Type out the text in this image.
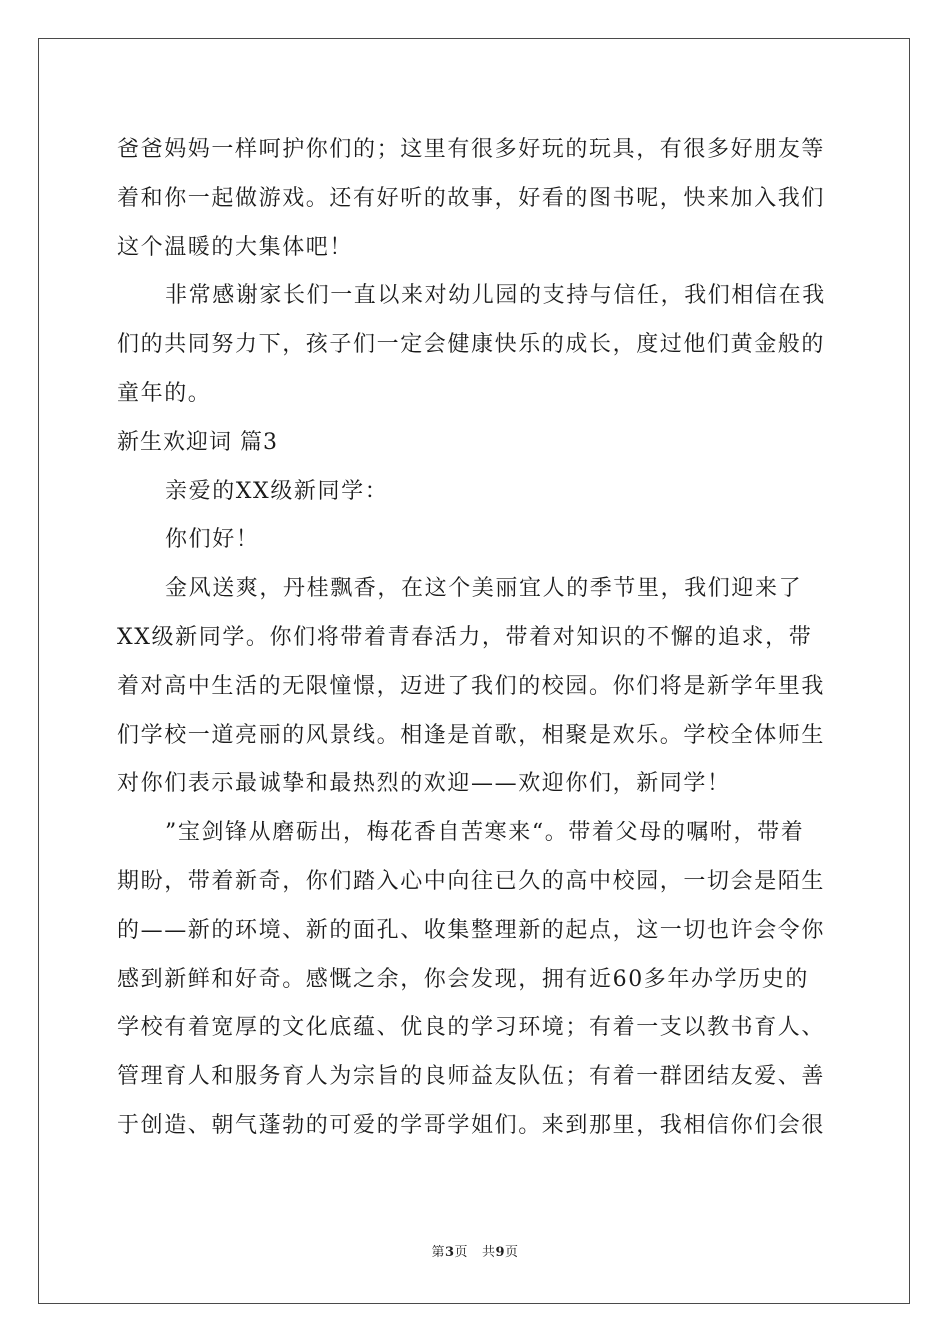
爸爸妈妈一样呵护你们的；这里有很多好玩的玩具，有很多好朋友等
着和你一起做游戏。还有好听的故事，好看的图书呢，快来加入我们
这个温暖的大集体吧！
非常感谢家长们一直以来对幼儿园的支持与信任，我们相信在我
们的共同努力下，孩子们一定会健康快乐的成长，度过他们黄金般的
童年的。
新生欢迎词 篇3
亲爱的XX级新同学：
你们好！
金风送爽，丹桂飘香，在这个美丽宜人的季节里，我们迎来了
XX级新同学。你们将带着青春活力，带着对知识的不懈的追求，带
着对高中生活的无限憧憬，迈进了我们的校园。你们将是新学年里我
们学校一道亮丽的风景线。相逢是首歌，相聚是欢乐。学校全体师生
对你们表示最诚挚和最热烈的欢迎——欢迎你们，新同学！
”宝剑锋从磨砺出，梅花香自苦寒来“。带着父母的嘱咐，带着
期盼，带着新奇，你们踏入心中向往已久的高中校园，一切会是陌生
的——新的环境、新的面孔、收集整理新的起点，这一切也许会令你
感到新鲜和好奇。感慨之余，你会发现，拥有近60多年办学历史的
学校有着宽厚的文化底蕴、优良的学习环境；有着一支以教书育人、
管理育人和服务育人为宗旨的良师益友队伍；有着一群团结友爱、善
于创造、朝气蓬勃的可爱的学哥学姐们。来到那里，我相信你们会很
第3页 共9页
